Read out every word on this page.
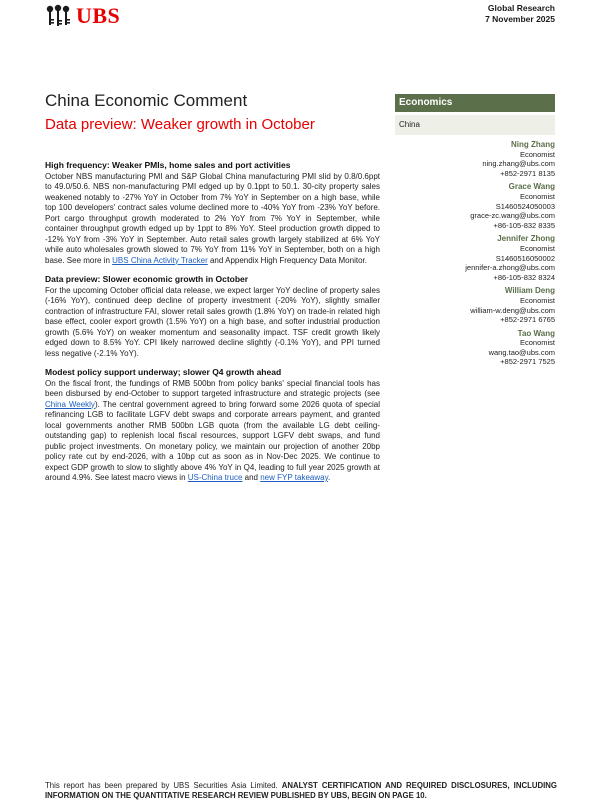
UBS	Global Research
7 November 2025
China Economic Comment
Data preview: Weaker growth in October
Economics
China
Ning Zhang
Economist
ning.zhang@ubs.com
+852-2971 8135
Grace Wang
Economist
S1460524050003
grace-zc.wang@ubs.com
+86-105-832 8335
Jennifer Zhong
Economist
S1460516050002
jennifer-a.zhong@ubs.com
+86-105-832 8324
William Deng
Economist
william-w.deng@ubs.com
+852-2971 6765
Tao Wang
Economist
wang.tao@ubs.com
+852-2971 7525
High frequency: Weaker PMIs, home sales and port activities
October NBS manufacturing PMI and S&P Global China manufacturing PMI slid by 0.8/0.6ppt to 49.0/50.6. NBS non-manufacturing PMI edged up by 0.1ppt to 50.1. 30-city property sales weakened notably to -27% YoY in October from 7% YoY in September on a high base, while top 100 developers' contract sales volume declined more to -40% YoY from -23% YoY before. Port cargo throughput growth moderated to 2% YoY from 7% YoY in September, while container throughput growth edged up by 1ppt to 8% YoY. Steel production growth dipped to -12% YoY from -3% YoY in September. Auto retail sales growth largely stabilized at 6% YoY while auto wholesales growth slowed to 7% YoY from 11% YoY in September, both on a high base. See more in UBS China Activity Tracker and Appendix High Frequency Data Monitor.
Data preview: Slower economic growth in October
For the upcoming October official data release, we expect larger YoY decline of property sales (-16% YoY), continued deep decline of property investment (-20% YoY), slightly smaller contraction of infrastructure FAI, slower retail sales growth (1.8% YoY) on trade-in related high base effect, cooler export growth (1.5% YoY) on a high base, and softer industrial production growth (5.6% YoY) on weaker momentum and seasonality impact. TSF credit growth likely edged down to 8.5% YoY. CPI likely narrowed decline slightly (-0.1% YoY), and PPI turned less negative (-2.1% YoY).
Modest policy support underway; slower Q4 growth ahead
On the fiscal front, the fundings of RMB 500bn from policy banks' special financial tools has been disbursed by end-October to support targeted infrastructure and strategic projects (see China Weekly). The central government agreed to bring forward some 2026 quota of special refinancing LGB to facilitate LGFV debt swaps and corporate arrears payment, and granted local governments another RMB 500bn LGB quota (from the available LG debt ceiling-outstanding gap) to replenish local fiscal resources, support LGFV debt swaps, and fund public project investments. On monetary policy, we maintain our projection of another 20bp policy rate cut by end-2026, with a 10bp cut as soon as in Nov-Dec 2025. We continue to expect GDP growth to slow to slightly above 4% YoY in Q4, leading to full year 2025 growth at around 4.9%. See latest macro views in US-China truce and new FYP takeaway.
This report has been prepared by UBS Securities Asia Limited. ANALYST CERTIFICATION AND REQUIRED DISCLOSURES, INCLUDING INFORMATION ON THE QUANTITATIVE RESEARCH REVIEW PUBLISHED BY UBS, BEGIN ON PAGE 10.
